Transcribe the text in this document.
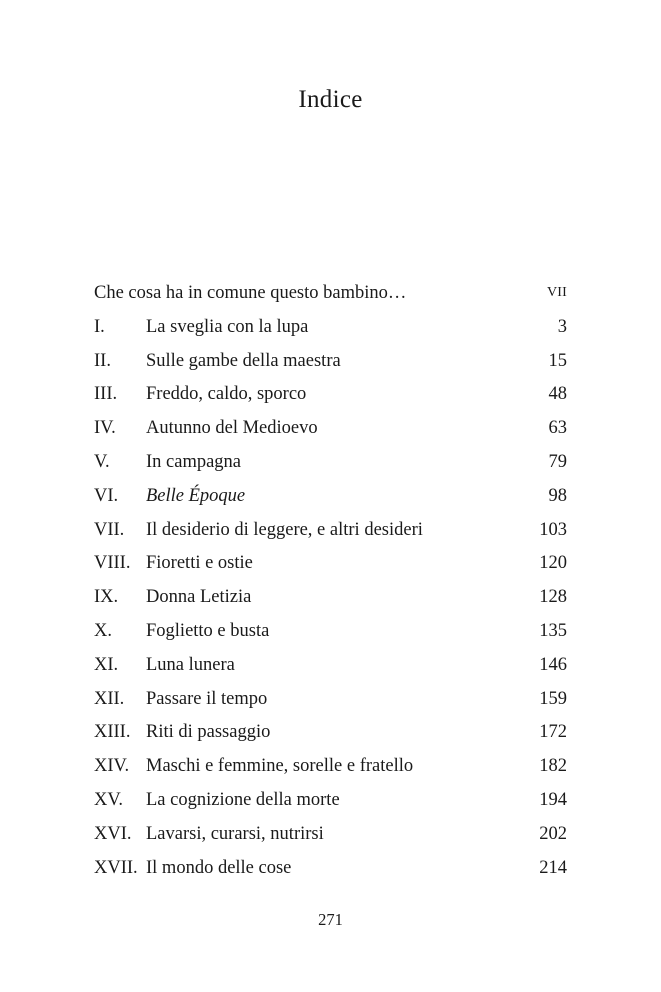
Indice
Che cosa ha in comune questo bambino…	VII
I. La sveglia con la lupa	3
II. Sulle gambe della maestra	15
III. Freddo, caldo, sporco	48
IV. Autunno del Medioevo	63
V. In campagna	79
VI. Belle Époque	98
VII. Il desiderio di leggere, e altri desideri	103
VIII. Fioretti e ostie	120
IX. Donna Letizia	128
X. Foglietto e busta	135
XI. Luna lunera	146
XII. Passare il tempo	159
XIII. Riti di passaggio	172
XIV. Maschi e femmine, sorelle e fratello	182
XV. La cognizione della morte	194
XVI. Lavarsi, curarsi, nutrirsi	202
XVII. Il mondo delle cose	214
271
